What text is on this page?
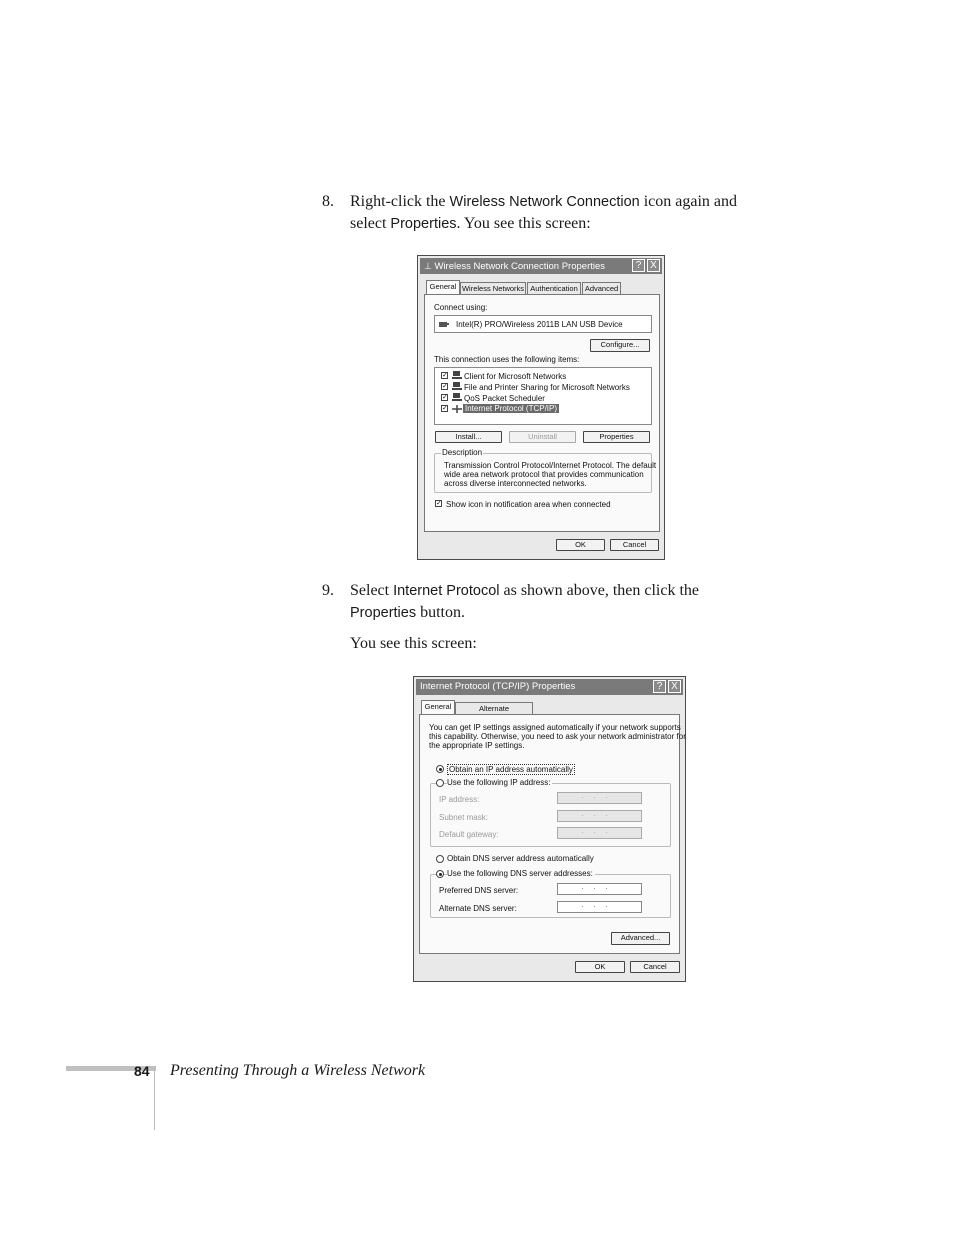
8. Right-click the Wireless Network Connection icon again and
select Properties. You see this screen:
⊥ Wireless Network Connection Properties	? X
General Wireless Networks Authentication Advanced
Connect using:
Intel(R) PRO/Wireless 2011B LAN USB Device
Configure...
This connection uses the following items:
✓ Client for Microsoft Networks
✓ File and Printer Sharing for Microsoft Networks
✓ QoS Packet Scheduler
✓ Internet Protocol (TCP/IP)
Install...	Uninstall	Properties
Description
Transmission Control Protocol/Internet Protocol. The default
wide area network protocol that provides communication
across diverse interconnected networks.
✓ Show icon in notification area when connected
OK	Cancel
9. Select Internet Protocol as shown above, then click the
Properties button.
You see this screen:
Internet Protocol (TCP/IP) Properties	? X
General	Alternate
You can get IP settings assigned automatically if your network supports
this capability. Otherwise, you need to ask your network administrator for
the appropriate IP settings.
Obtain an IP address automatically
Use the following IP address:
IP address:	...
Subnet mask:	...
Default gateway:	...
Obtain DNS server address automatically
Use the following DNS server addresses:
Preferred DNS server:	...
Alternate DNS server:	...
Advanced...
OK	Cancel
84 Presenting Through a Wireless Network
